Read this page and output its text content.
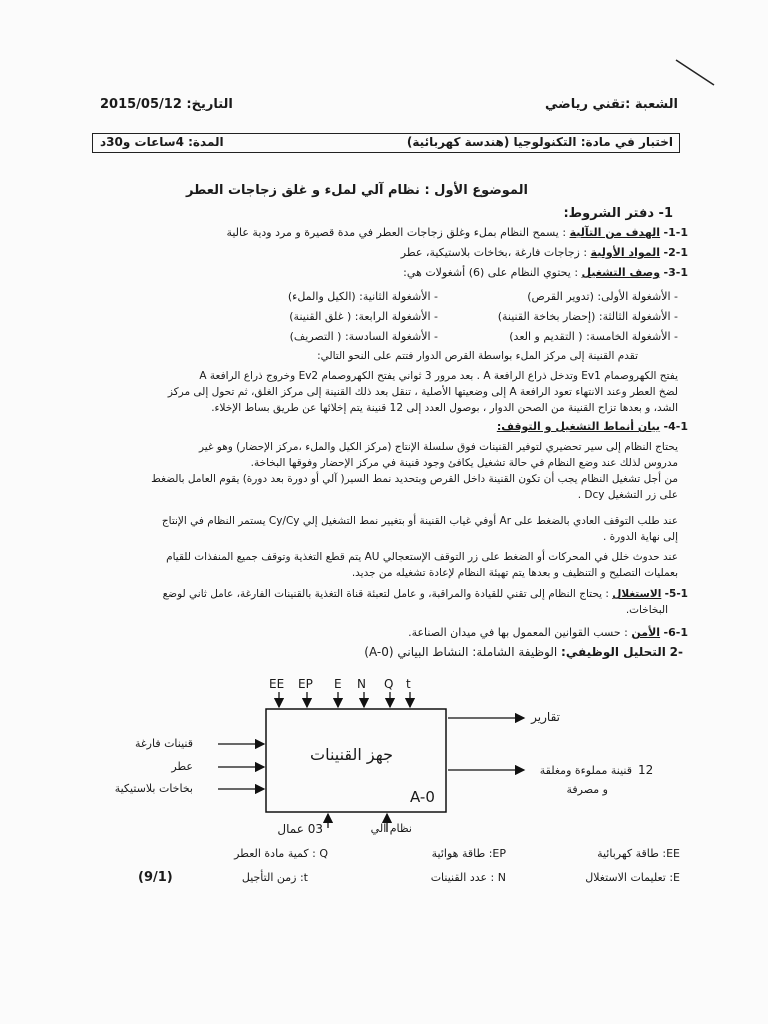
الشعبة :تقني رياضي
التاريخ: 2015/05/12
اختبار في مادة: التكنولوجيا (هندسة كهربائية)
المدة: 4ساعات و30د
الموضوع الأول : نظام آلي لملء و غلق زجاجات العطر
1- دفتر الشروط:
1-1- الهدف من التآلية : يسمح النظام بملء وغلق زجاجات العطر في مدة قصيرة و مرد ودية عالية
2-1- المواد الأولية : زجاجات فارغة ،بخاخات بلاستيكية، عطر
3-1- وصف التشغيل : يحتوي النظام على (6) أشغولات هي:
- الأشغولة الأولى: (تدوير القرص)
- الأشغولة الثانية: (الكيل والملء)
- الأشغولة الثالثة: (إحضار بخاخة القنينة)
- الأشغولة الرابعة: ( غلق القنينة)
- الأشغولة الخامسة: ( التقديم و العد)
- الأشغولة السادسة: ( التصريف)
تقدم القنينة إلى مركز الملء بواسطة القرص الدوار فتتم على النحو التالي:
يفتح الكهروصمام Ev1 وتدخل ذراع الرافعة A . بعد مرور 3 ثواني يفتح الكهروصمام Ev2 وخروج ذراع الرافعة A
لضخ العطر وعند الانتهاء تعود الرافعة A إلى وضعيتها الأصلية ، تنقل بعد ذلك القنينة إلى مركز الغلق، ثم تحول إلى مركز
الشد، و بعدها تزاح القنينة من الصحن الدوار ، بوصول العدد إلى 12 قنينة يتم إخلائها عن طريق بساط الإخلاء.
4-1- بيان أنماط التشغيل و التوقف:
يحتاج النظام إلى سير تحضيري لتوفير القنينات فوق سلسلة الإنتاج (مركز الكيل والملء ،مركز الإحضار) وهو غير
مدروس لذلك عند وضع النظام في حالة تشغيل يكافئ وجود قنينة في مركز الإحضار وفوقها البخاخة.
من أجل تشغيل النظام يجب أن تكون القنينة داخل القرص وبتحديد نمط السير( آلي أو دورة بعد دورة) يقوم العامل بالضغط
على زر التشغيل Dcy .
عند طلب التوقف العادي بالضغط على Ar أوفي غياب القنينة أو بتغيير نمط التشغيل إلي Cy/Cy يستمر النظام في الإنتاج
إلى نهاية الدورة .
عند حدوث خلل في المحركات أو الضغط على زر التوقف الإستعجالي AU يتم قطع التغذية وتوقف جميع المنفذات للقيام
بعمليات التصليح و التنظيف و بعدها يتم تهيئة النظام لإعادة تشغيله من جديد.
5-1- الاستغلال : يحتاج النظام إلى تقني للقيادة والمراقبة، و عامل لتعبئة قناة التغذية بالقنينات الفارغة، عامل ثاني لوضع
البخاخات.
6-1- الأمن : حسب القوانين المعمول بها في ميدان الصناعة.
-2 التحليل الوظيفي: الوظيفة الشاملة: النشاط البياني (A-0)
EE EP E N Q t
جهز القنينات
A-0
قنينات فارغة
عطر
بخاخات بلاستيكية
تقارير
12
قنينة مملوءة ومغلقة
و مصرفة
03 عمال	نظام آلي
EE: طاقة كهربائية
EP: طاقة هوائية
Q : كمية مادة العطر
E: تعليمات الاستغلال
N : عدد القنينات
t: زمن التأجيل
(9/1)
